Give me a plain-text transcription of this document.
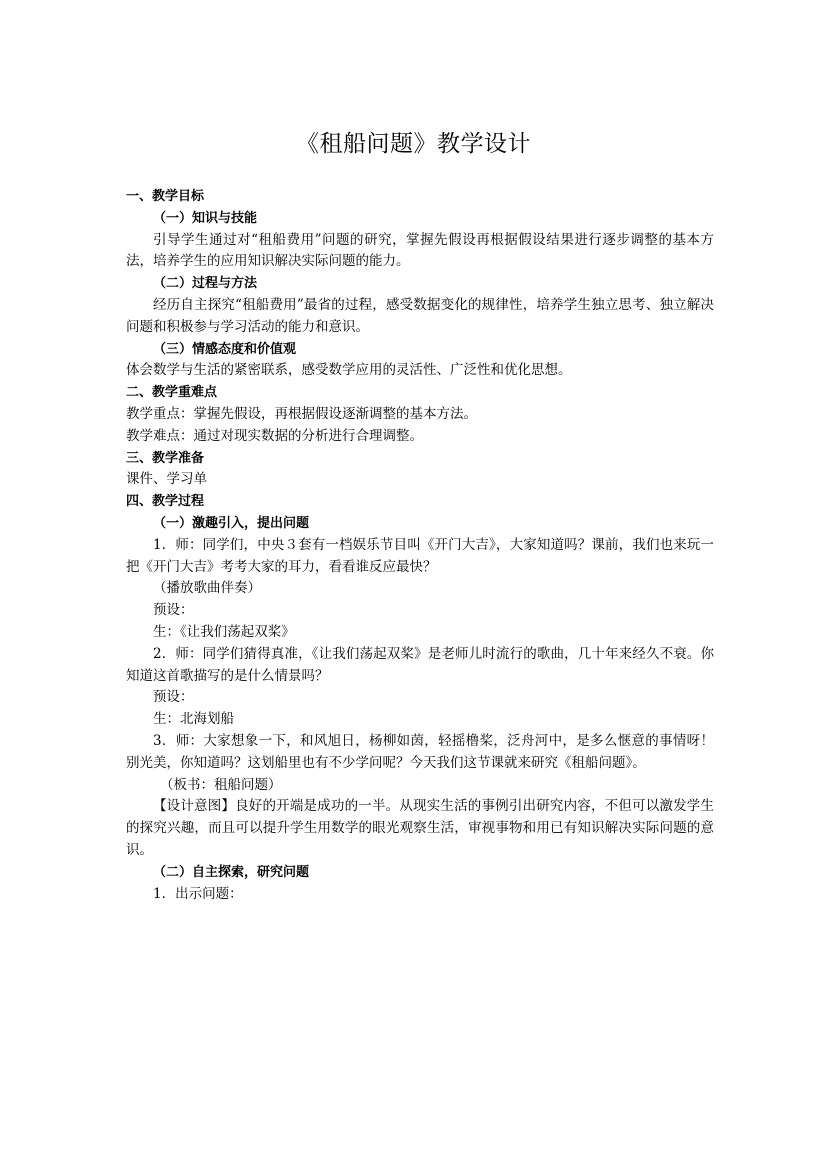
《租船问题》教学设计

一、教学目标

（一）知识与技能

引导学生通过对“租船费用”问题的研究，掌握先假设再根据假设结果进行逐步调整的基本方法，培养学生的应用知识解决实际问题的能力。

（二）过程与方法

经历自主探究“租船费用”最省的过程，感受数据变化的规律性，培养学生独立思考、独立解决问题和积极参与学习活动的能力和意识。

（三）情感态度和价值观

体会数学与生活的紧密联系，感受数学应用的灵活性、广泛性和优化思想。

二、教学重难点

教学重点：掌握先假设，再根据假设逐渐调整的基本方法。

教学难点：通过对现实数据的分析进行合理调整。

三、教学准备

课件、学习单

四、教学过程

（一）激趣引入，提出问题

1．师：同学们，中央３套有一档娱乐节目叫《开门大吉》，大家知道吗？课前，我们也来玩一把《开门大吉》考考大家的耳力，看看谁反应最快？

（播放歌曲伴奏）

预设：

生：《让我们荡起双桨》

2．师：同学们猜得真准，《让我们荡起双桨》是老师儿时流行的歌曲，几十年来经久不衰。你知道这首歌描写的是什么情景吗？

预设：

生：北海划船

3．师：大家想象一下，和风旭日，杨柳如茵，轻摇橹桨，泛舟河中，是多么惬意的事情呀！别光美，你知道吗？这划船里也有不少学问呢？今天我们这节课就来研究《租船问题》。

（板书：租船问题）

【设计意图】良好的开端是成功的一半。从现实生活的事例引出研究内容，不但可以激发学生的探究兴趣，而且可以提升学生用数学的眼光观察生活，审视事物和用已有知识解决实际问题的意识。

（二）自主探索，研究问题

1．出示问题：
